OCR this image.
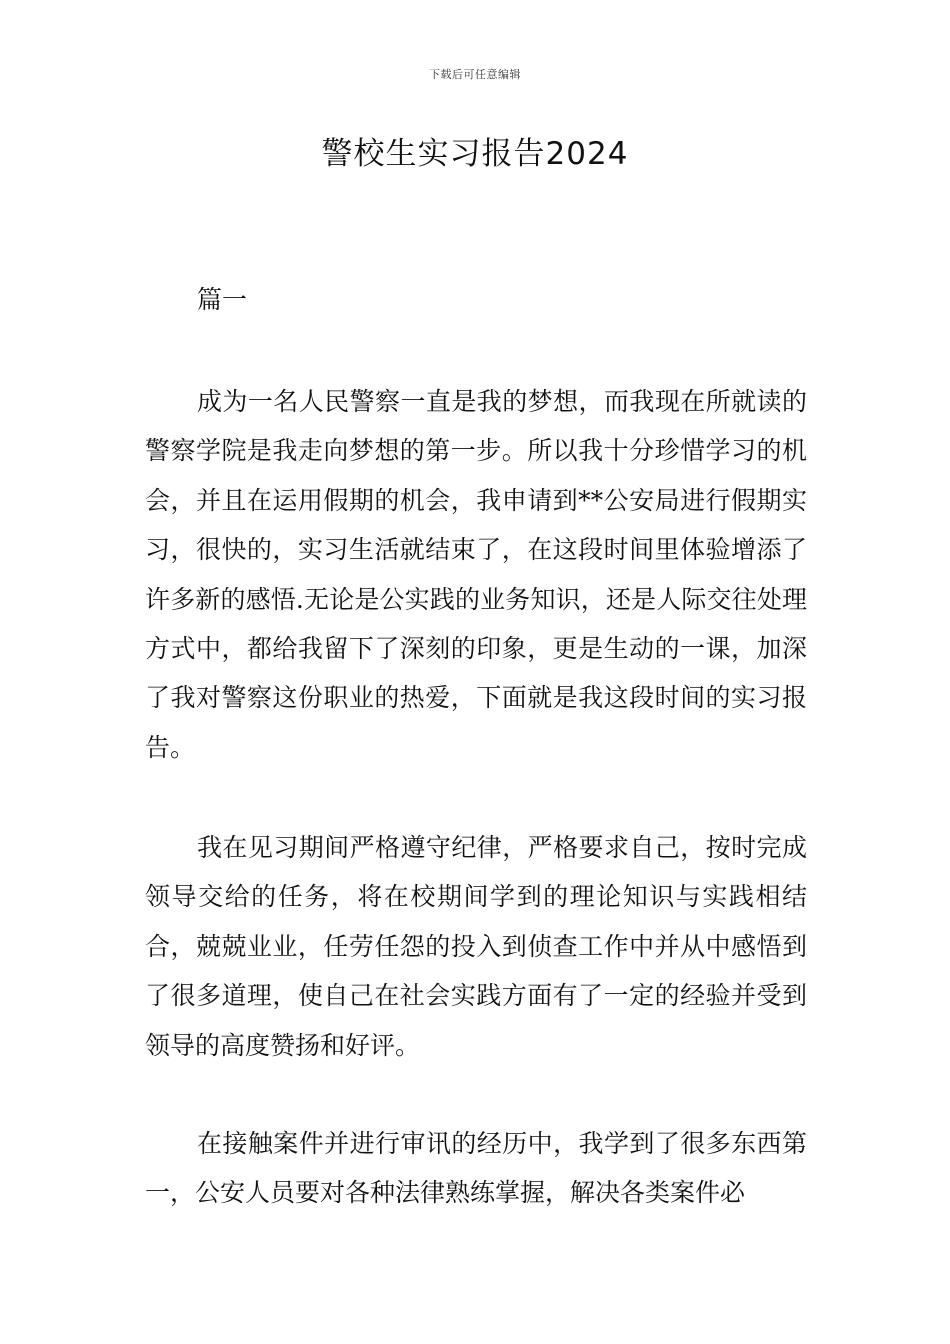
下载后可任意编辑
警校生实习报告2024
篇一

成为一名人民警察一直是我的梦想，而我现在所就读的警察学院是我走向梦想的第一步。所以我十分珍惜学习的机会，并且在运用假期的机会，我申请到**公安局进行假期实习，很快的，实习生活就结束了，在这段时间里体验增添了许多新的感悟.无论是公实践的业务知识，还是人际交往处理方式中，都给我留下了深刻的印象，更是生动的一课，加深了我对警察这份职业的热爱，下面就是我这段时间的实习报告。

我在见习期间严格遵守纪律，严格要求自己，按时完成领导交给的任务，将在校期间学到的理论知识与实践相结合，兢兢业业，任劳任怨的投入到侦查工作中并从中感悟到了很多道理，使自己在社会实践方面有了一定的经验并受到领导的高度赞扬和好评。

在接触案件并进行审讯的经历中，我学到了很多东西第一，公安人员要对各种法律熟练掌握，解决各类案件必
